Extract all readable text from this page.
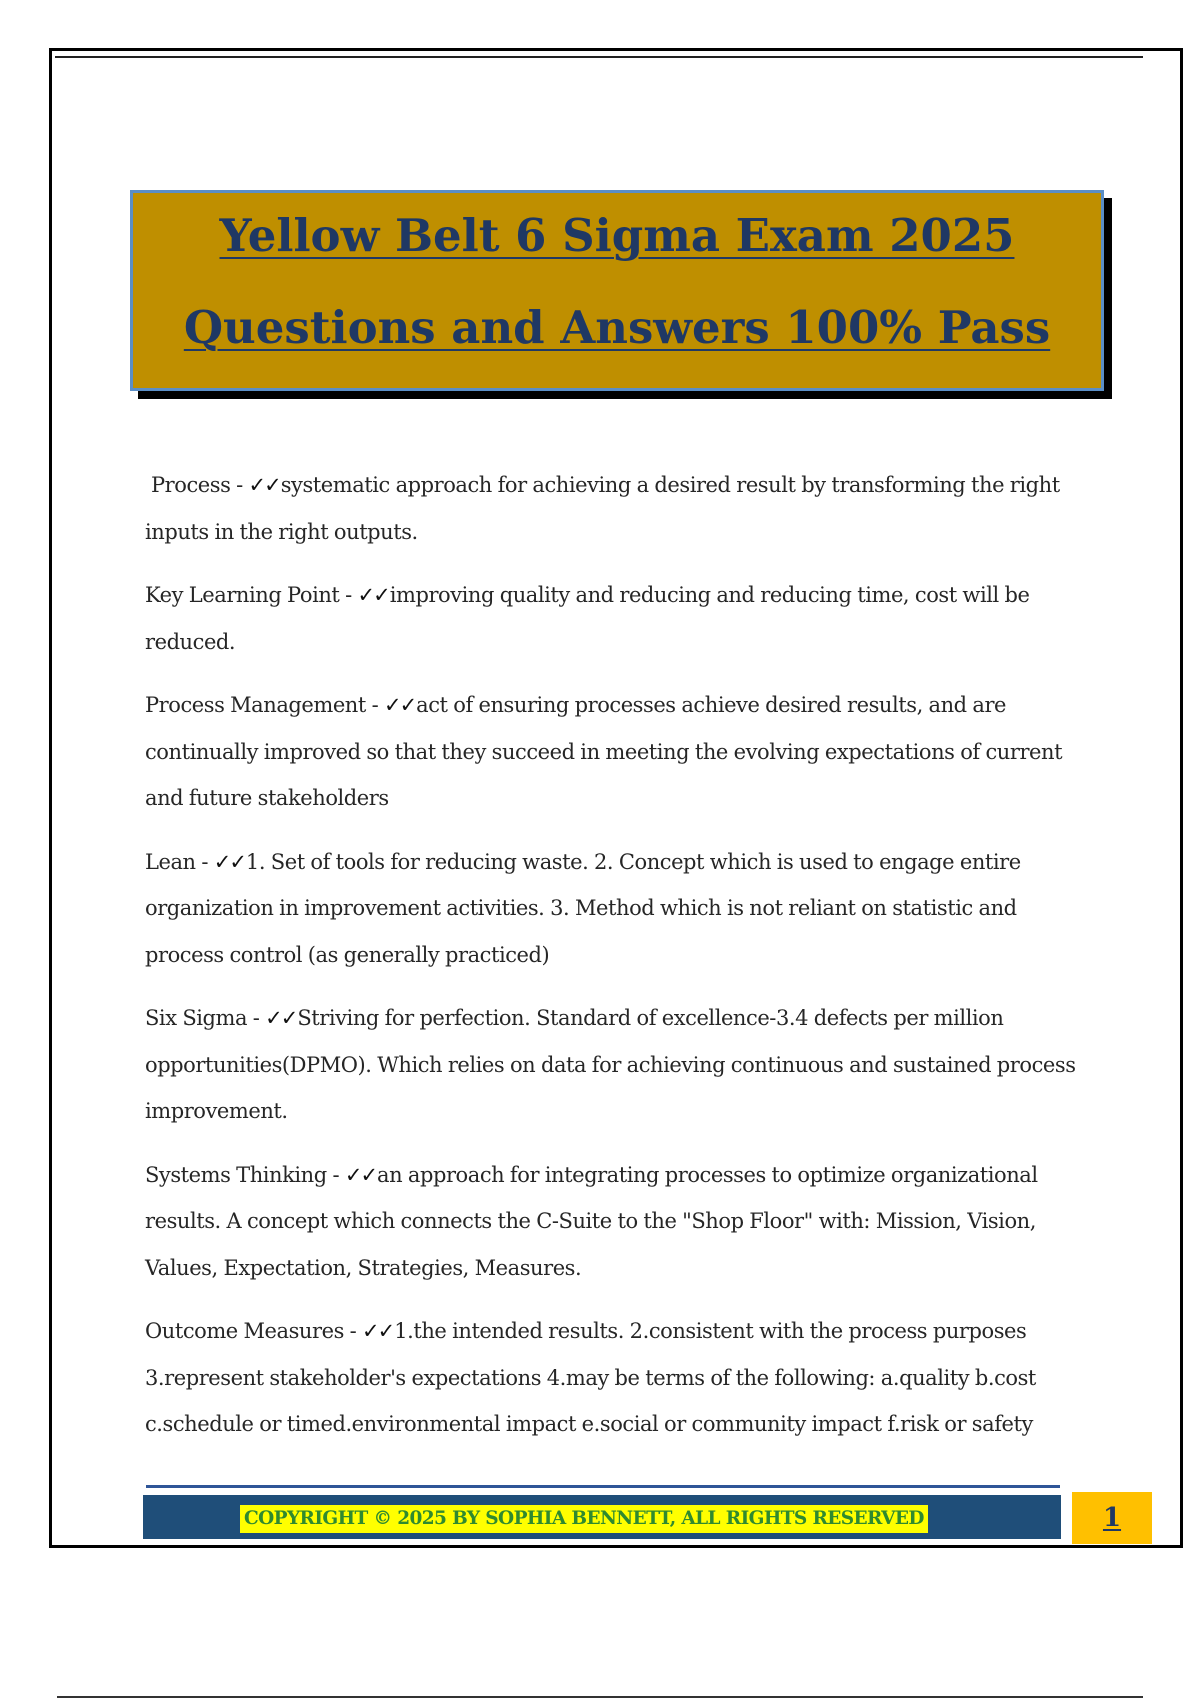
Yellow Belt 6 Sigma Exam 2025
Questions and Answers 100% Pass

Process - ✓✓systematic approach for achieving a desired result by transforming the right inputs in the right outputs.

Key Learning Point - ✓✓improving quality and reducing and reducing time, cost will be reduced.

Process Management - ✓✓act of ensuring processes achieve desired results, and are continually improved so that they succeed in meeting the evolving expectations of current and future stakeholders

Lean - ✓✓1. Set of tools for reducing waste. 2. Concept which is used to engage entire organization in improvement activities. 3. Method which is not reliant on statistic and process control (as generally practiced)

Six Sigma - ✓✓Striving for perfection. Standard of excellence-3.4 defects per million opportunities(DPMO). Which relies on data for achieving continuous and sustained process improvement.

Systems Thinking - ✓✓an approach for integrating processes to optimize organizational results. A concept which connects the C-Suite to the "Shop Floor" with: Mission, Vision, Values, Expectation, Strategies, Measures.

Outcome Measures - ✓✓1.the intended results. 2.consistent with the process purposes 3.represent stakeholder's expectations 4.may be terms of the following: a.quality b.cost c.schedule or timed.environmental impact e.social or community impact f.risk or safety

COPYRIGHT © 2025 BY SOPHIA BENNETT, ALL RIGHTS RESERVED	1
